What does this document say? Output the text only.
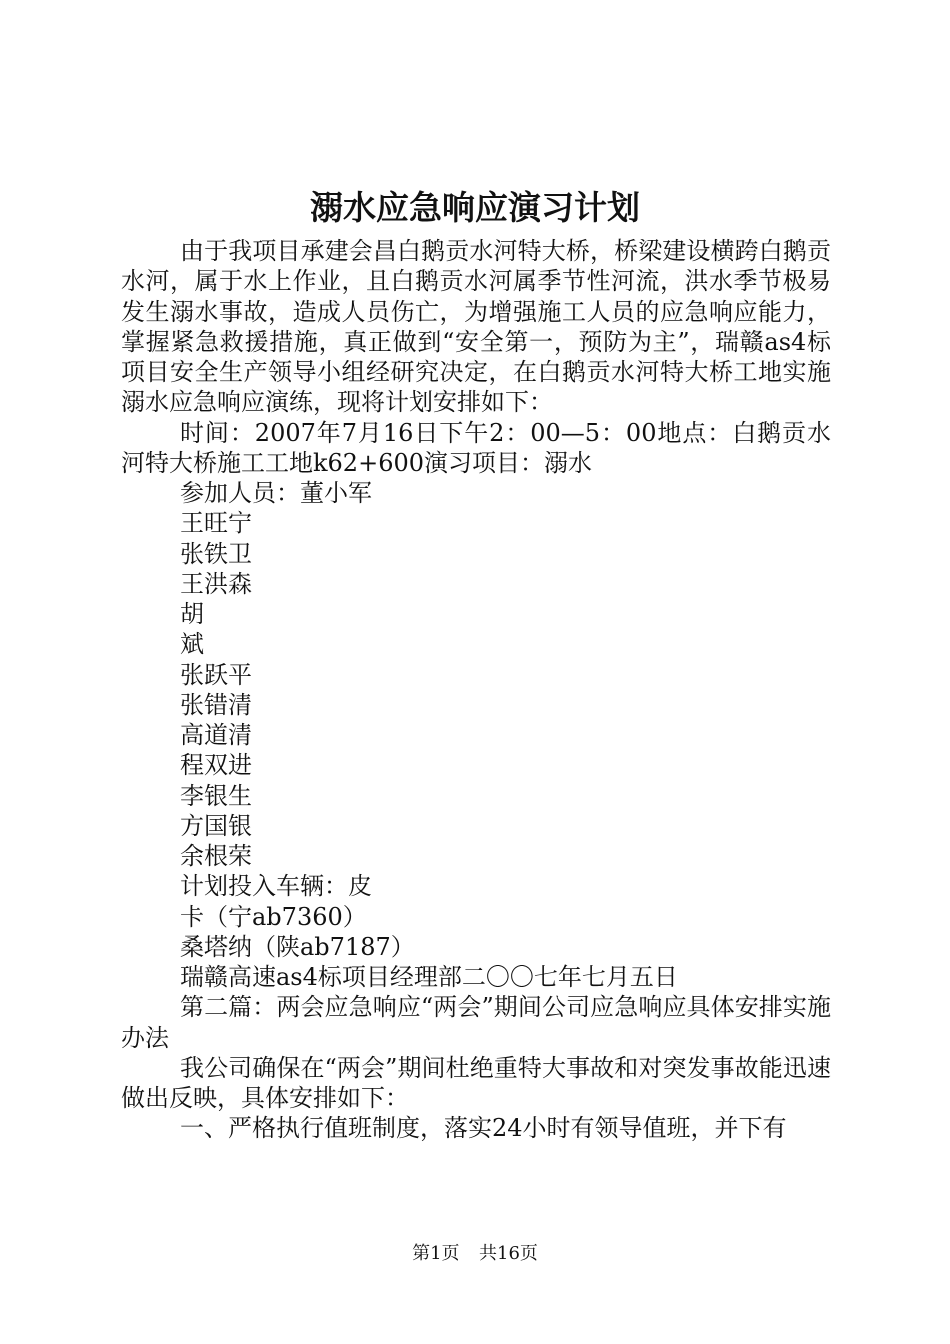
溺水应急响应演习计划

由于我项目承建会昌白鹅贡水河特大桥，桥梁建设横跨白鹅贡水河，属于水上作业，且白鹅贡水河属季节性河流，洪水季节极易发生溺水事故，造成人员伤亡，为增强施工人员的应急响应能力，掌握紧急救援措施，真正做到“安全第一，预防为主”，瑞赣as4标项目安全生产领导小组经研究决定，在白鹅贡水河特大桥工地实施溺水应急响应演练，现将计划安排如下：

时间：2007年7月16日下午2：00—5：00地点：白鹅贡水河特大桥施工工地k62+600演习项目：溺水

参加人员：董小军

王旺宁

张铁卫

王洪森

胡

斌

张跃平

张错清

高道清

程双进

李银生

方国银

余根荣

计划投入车辆：皮

卡（宁ab7360）

桑塔纳（陕ab7187）

瑞赣高速as4标项目经理部二〇〇七年七月五日

第二篇：两会应急响应“两会”期间公司应急响应具体安排实施办法

我公司确保在“两会”期间杜绝重特大事故和对突发事故能迅速做出反映，具体安排如下：

一、严格执行值班制度，落实24小时有领导值班，并下有

第1页 共16页
